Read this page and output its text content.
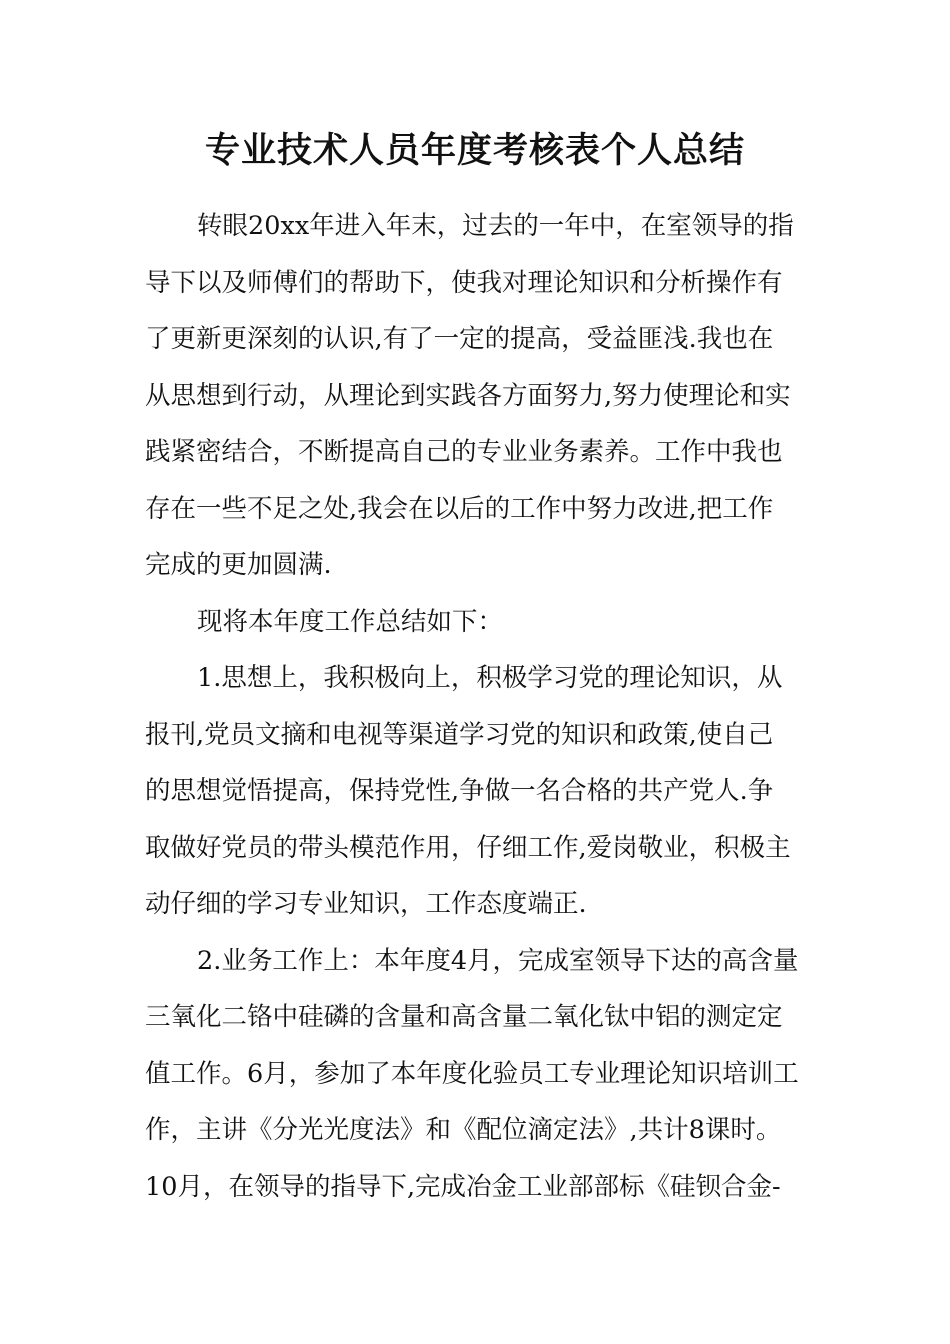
专业技术人员年度考核表个人总结
转眼20xx年进入年末，过去的一年中，在室领导的指
导下以及师傅们的帮助下，使我对理论知识和分析操作有
了更新更深刻的认识,有了一定的提高，受益匪浅.我也在
从思想到行动，从理论到实践各方面努力,努力使理论和实
践紧密结合，不断提高自己的专业业务素养。工作中我也
存在一些不足之处,我会在以后的工作中努力改进,把工作
完成的更加圆满.
现将本年度工作总结如下：
1.思想上，我积极向上，积极学习党的理论知识，从
报刊,党员文摘和电视等渠道学习党的知识和政策,使自己
的思想觉悟提高，保持党性,争做一名合格的共产党人.争
取做好党员的带头模范作用，仔细工作,爱岗敬业，积极主
动仔细的学习专业知识，工作态度端正.
2.业务工作上：本年度4月，完成室领导下达的高含量
三氧化二铬中硅磷的含量和高含量二氧化钛中铝的测定定
值工作。6月，参加了本年度化验员工专业理论知识培训工
作，主讲《分光光度法》和《配位滴定法》,共计8课时。
10月，在领导的指导下,完成冶金工业部部标《硅钡合金-
